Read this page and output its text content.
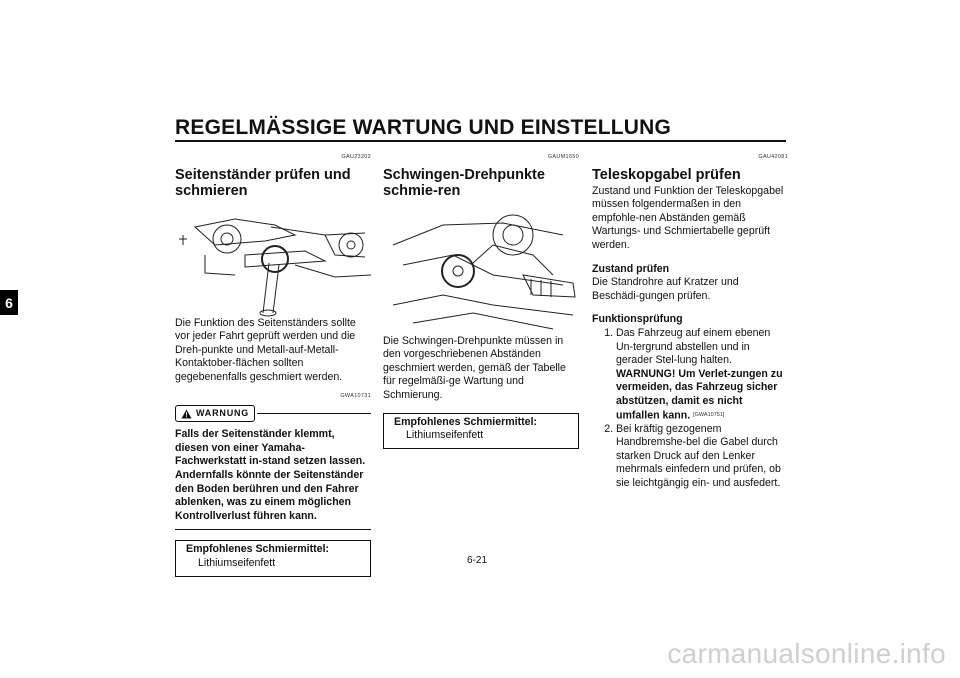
REGELMÄSSIGE WARTUNG UND EINSTELLUNG
6
GAU23202
Seitenständer prüfen und schmieren

Die Funktion des Seitenständers sollte vor jeder Fahrt geprüft werden und die Dreh-punkte und Metall-auf-Metall-Kontaktober-flächen sollten gegebenenfalls geschmiert werden.

GWA10731
WARNUNG

Falls der Seitenständer klemmt, diesen von einer Yamaha-Fachwerkstatt in-stand setzen lassen. Andernfalls könnte der Seitenständer den Boden berühren und den Fahrer ablenken, was zu einem möglichen Kontrollverlust führen kann.

Empfohlenes Schmiermittel:
Lithiumseifenfett
GAUM1650
Schwingen-Drehpunkte schmie-ren

Die Schwingen-Drehpunkte müssen in den vorgeschriebenen Abständen geschmiert werden, gemäß der Tabelle für regelmäßi-ge Wartung und Schmierung.

Empfohlenes Schmiermittel:
Lithiumseifenfett
GAU42081
Teleskopgabel prüfen

Zustand und Funktion der Teleskopgabel müssen folgendermaßen in den empfohle-nen Abständen gemäß Wartungs- und Schmiertabelle geprüft werden.

Zustand prüfen

Die Standrohre auf Kratzer und Beschädi-gungen prüfen.

Funktionsprüfung
1. Das Fahrzeug auf einem ebenen Un-tergrund abstellen und in gerader Stel-lung halten. WARNUNG! Um Verlet-zungen zu vermeiden, das Fahrzeug sicher abstützen, damit es nicht umfallen kann. [GWA10751]
2. Bei kräftig gezogenem Handbremshe-bel die Gabel durch starken Druck auf den Lenker mehrmals einfedern und prüfen, ob sie leichtgängig ein- und ausfedert.
6-21
carmanualsonline.info
